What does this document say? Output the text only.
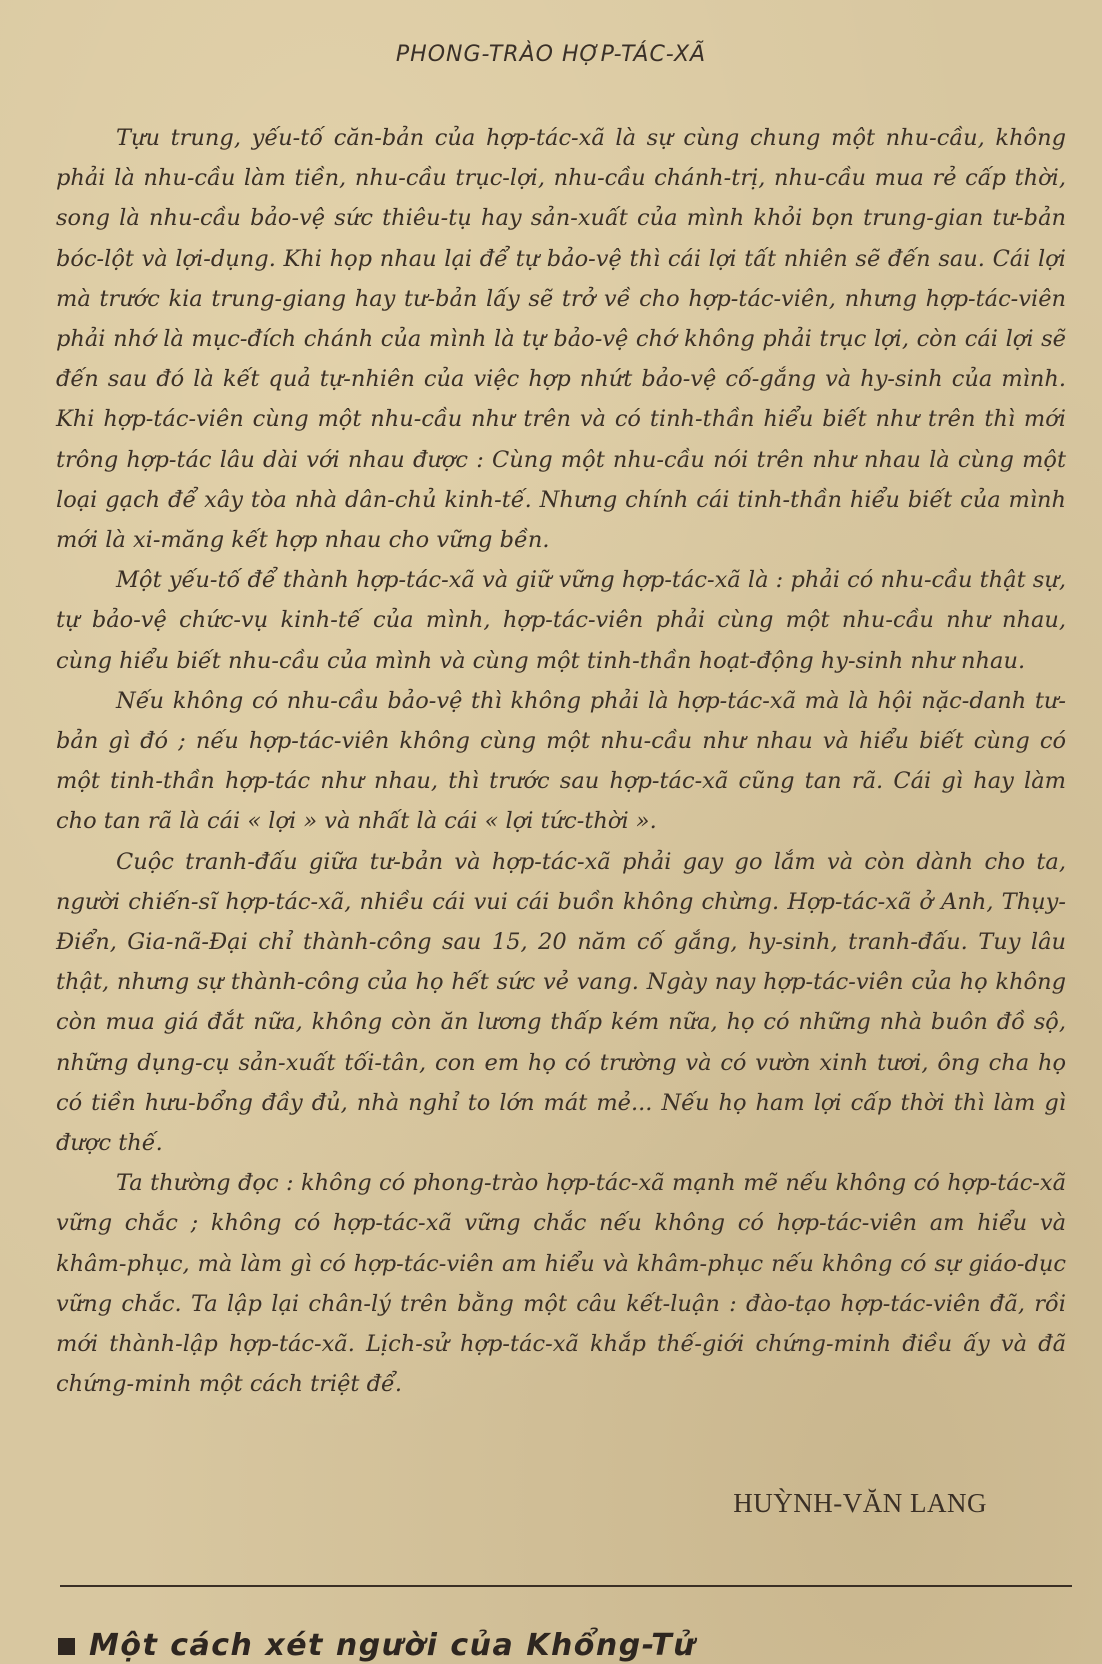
PHONG-TRÀO HỢP-TÁC-XÃ

Tựu trung, yếu-tố căn-bản của hợp-tác-xã là sự cùng chung một nhu-cầu, không phải là nhu-cầu làm tiền, nhu-cầu trục-lợi, nhu-cầu chánh-trị, nhu-cầu mua rẻ cấp thời, song là nhu-cầu bảo-vệ sức thiêu-tụ hay sản-xuất của mình khỏi bọn trung-gian tư-bản bóc-lột và lợi-dụng. Khi họp nhau lại để tự bảo-vệ thì cái lợi tất nhiên sẽ đến sau. Cái lợi mà trước kia trung-giang hay tư-bản lấy sẽ trở về cho hợp-tác-viên, nhưng hợp-tác-viên phải nhớ là mục-đích chánh của mình là tự bảo-vệ chớ không phải trục lợi, còn cái lợi sẽ đến sau đó là kết quả tự-nhiên của việc hợp nhứt bảo-vệ cố-gắng và hy-sinh của mình. Khi hợp-tác-viên cùng một nhu-cầu như trên và có tinh-thần hiểu biết như trên thì mới trông hợp-tác lâu dài với nhau được : Cùng một nhu-cầu nói trên như nhau là cùng một loại gạch để xây tòa nhà dân-chủ kinh-tế. Nhưng chính cái tinh-thần hiểu biết của mình mới là xi-măng kết hợp nhau cho vững bền.

Một yếu-tố để thành hợp-tác-xã và giữ vững hợp-tác-xã là : phải có nhu-cầu thật sự, tự bảo-vệ chức-vụ kinh-tế của mình, hợp-tác-viên phải cùng một nhu-cầu như nhau, cùng hiểu biết nhu-cầu của mình và cùng một tinh-thần hoạt-động hy-sinh như nhau.

Nếu không có nhu-cầu bảo-vệ thì không phải là hợp-tác-xã mà là hội nặc-danh tư-bản gì đó ; nếu hợp-tác-viên không cùng một nhu-cầu như nhau và hiểu biết cùng có một tinh-thần hợp-tác như nhau, thì trước sau hợp-tác-xã cũng tan rã. Cái gì hay làm cho tan rã là cái « lợi » và nhất là cái « lợi tức-thời ».

Cuộc tranh-đấu giữa tư-bản và hợp-tác-xã phải gay go lắm và còn dành cho ta, người chiến-sĩ hợp-tác-xã, nhiều cái vui cái buồn không chừng. Hợp-tác-xã ở Anh, Thụy-Điển, Gia-nã-Đại chỉ thành-công sau 15, 20 năm cố gắng, hy-sinh, tranh-đấu. Tuy lâu thật, nhưng sự thành-công của họ hết sức vẻ vang. Ngày nay hợp-tác-viên của họ không còn mua giá đắt nữa, không còn ăn lương thấp kém nữa, họ có những nhà buôn đồ sộ, những dụng-cụ sản-xuất tối-tân, con em họ có trường và có vườn xinh tươi, ông cha họ có tiền hưu-bổng đầy đủ, nhà nghỉ to lớn mát mẻ... Nếu họ ham lợi cấp thời thì làm gì được thế.

Ta thường đọc : không có phong-trào hợp-tác-xã mạnh mẽ nếu không có hợp-tác-xã vững chắc ; không có hợp-tác-xã vững chắc nếu không có hợp-tác-viên am hiểu và khâm-phục, mà làm gì có hợp-tác-viên am hiểu và khâm-phục nếu không có sự giáo-dục vững chắc. Ta lập lại chân-lý trên bằng một câu kết-luận : đào-tạo hợp-tác-viên đã, rồi mới thành-lập hợp-tác-xã. Lịch-sử hợp-tác-xã khắp thế-giới chứng-minh điều ấy và đã chứng-minh một cách triệt để.

HUỲNH-VĂN LANG
Một cách xét người của Khổng-Tử
